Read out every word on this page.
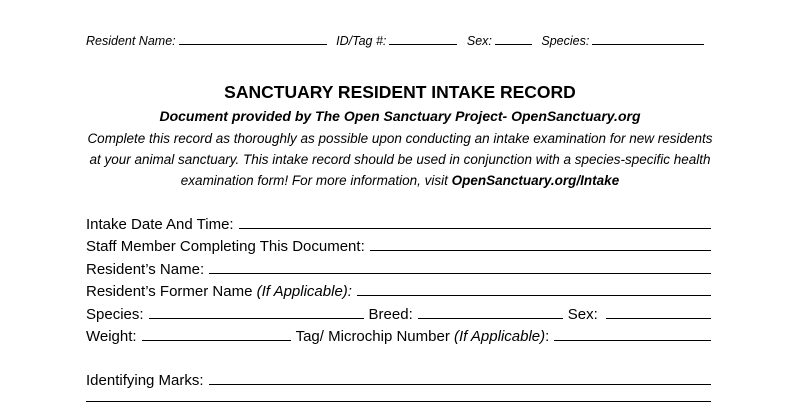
Resident Name:	ID/Tag #:	Sex:	Species:
SANCTUARY RESIDENT INTAKE RECORD
Document provided by The Open Sanctuary Project- OpenSanctuary.org
Complete this record as thoroughly as possible upon conducting an intake examination for new residents at your animal sanctuary. This intake record should be used in conjunction with a species-specific health examination form! For more information, visit OpenSanctuary.org/Intake
Intake Date And Time:
Staff Member Completing This Document:
Resident’s Name:
Resident’s Former Name (If Applicable):
Species:	Breed:	Sex:
Weight:	Tag/ Microchip Number (If Applicable):
Identifying Marks:
